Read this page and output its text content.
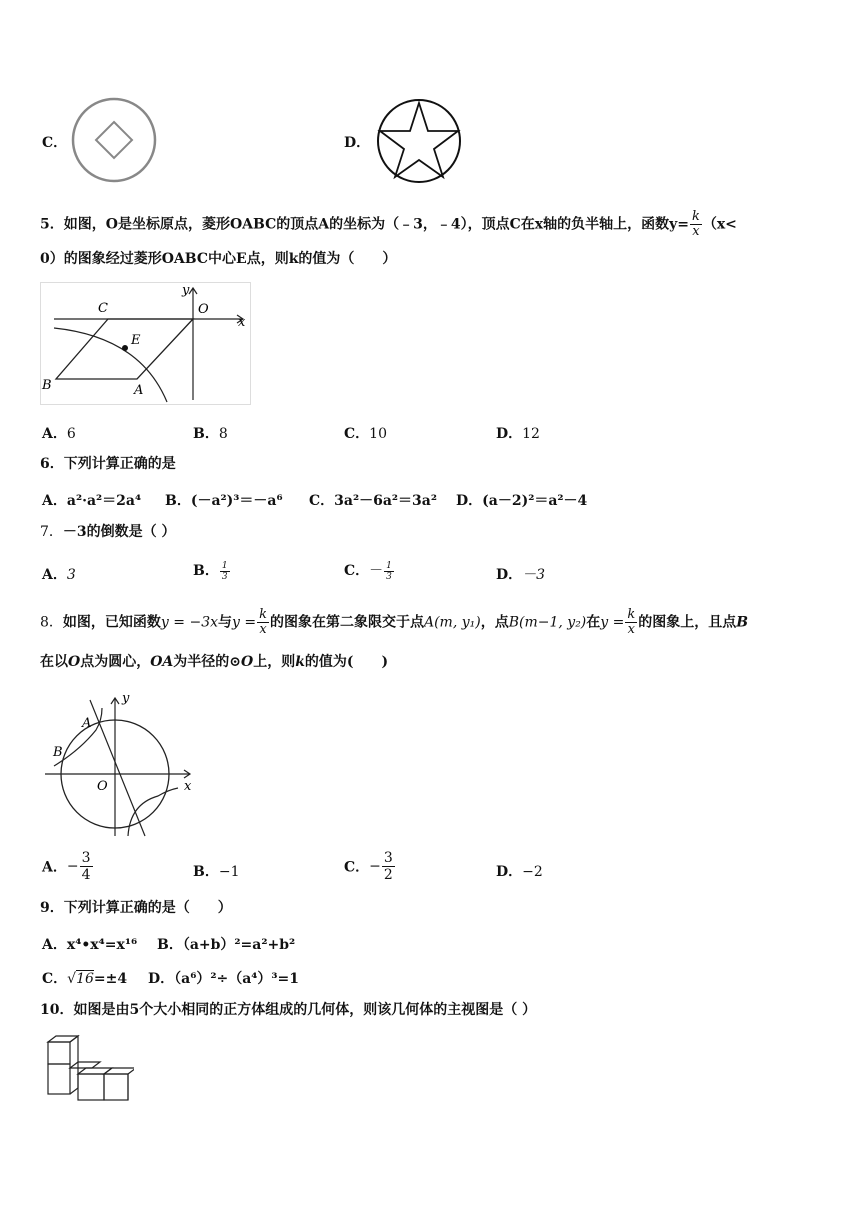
C．	D．
5．如图，O是坐标原点，菱形OABC的顶点A的坐标为（﹣3，﹣4），顶点C在x轴的负半轴上，函数$y= \frac{k}{x} (x<$
0）的图象经过菱形OABC中心E点，则k的值为（　　）
C
y
O
x
E
B	A
A．6	B．8	C．10	D．12
6．下列计算正确的是
A．a²·a²＝2a⁴ B．(－a²)³＝－a⁶ C．3a²－6a²＝3a² D．(a－2)²＝a²－4
7．－3的倒数是（ ）
A．3	B． $\frac{1}{3}$	C．－ $\frac{1}{3}$	D．－3
8．如图，已知函数y = −3x与$y = \frac{k}{x}$ 的图象在第二象限交于点A(m, y₁)，点B(m−1, y₂)在$y = \frac{k}{x}$ 的图象上，且点B
在以O点为圆心，OA为半径的⊙O上，则k的值为(　　)
y
A
B
O	x
A．− $\frac{3}{4}$	B．−1	C．− $\frac{3}{2}$	D．−2
9．下列计算正确的是（　　）
A．x⁴•x⁴=x¹⁶ B．（a+b）²=a²+b²
C．√16=±4 D．（a⁶）²÷（a⁴）³=1
10．如图是由5个大小相同的正方体组成的几何体，则该几何体的主视图是（ ）
